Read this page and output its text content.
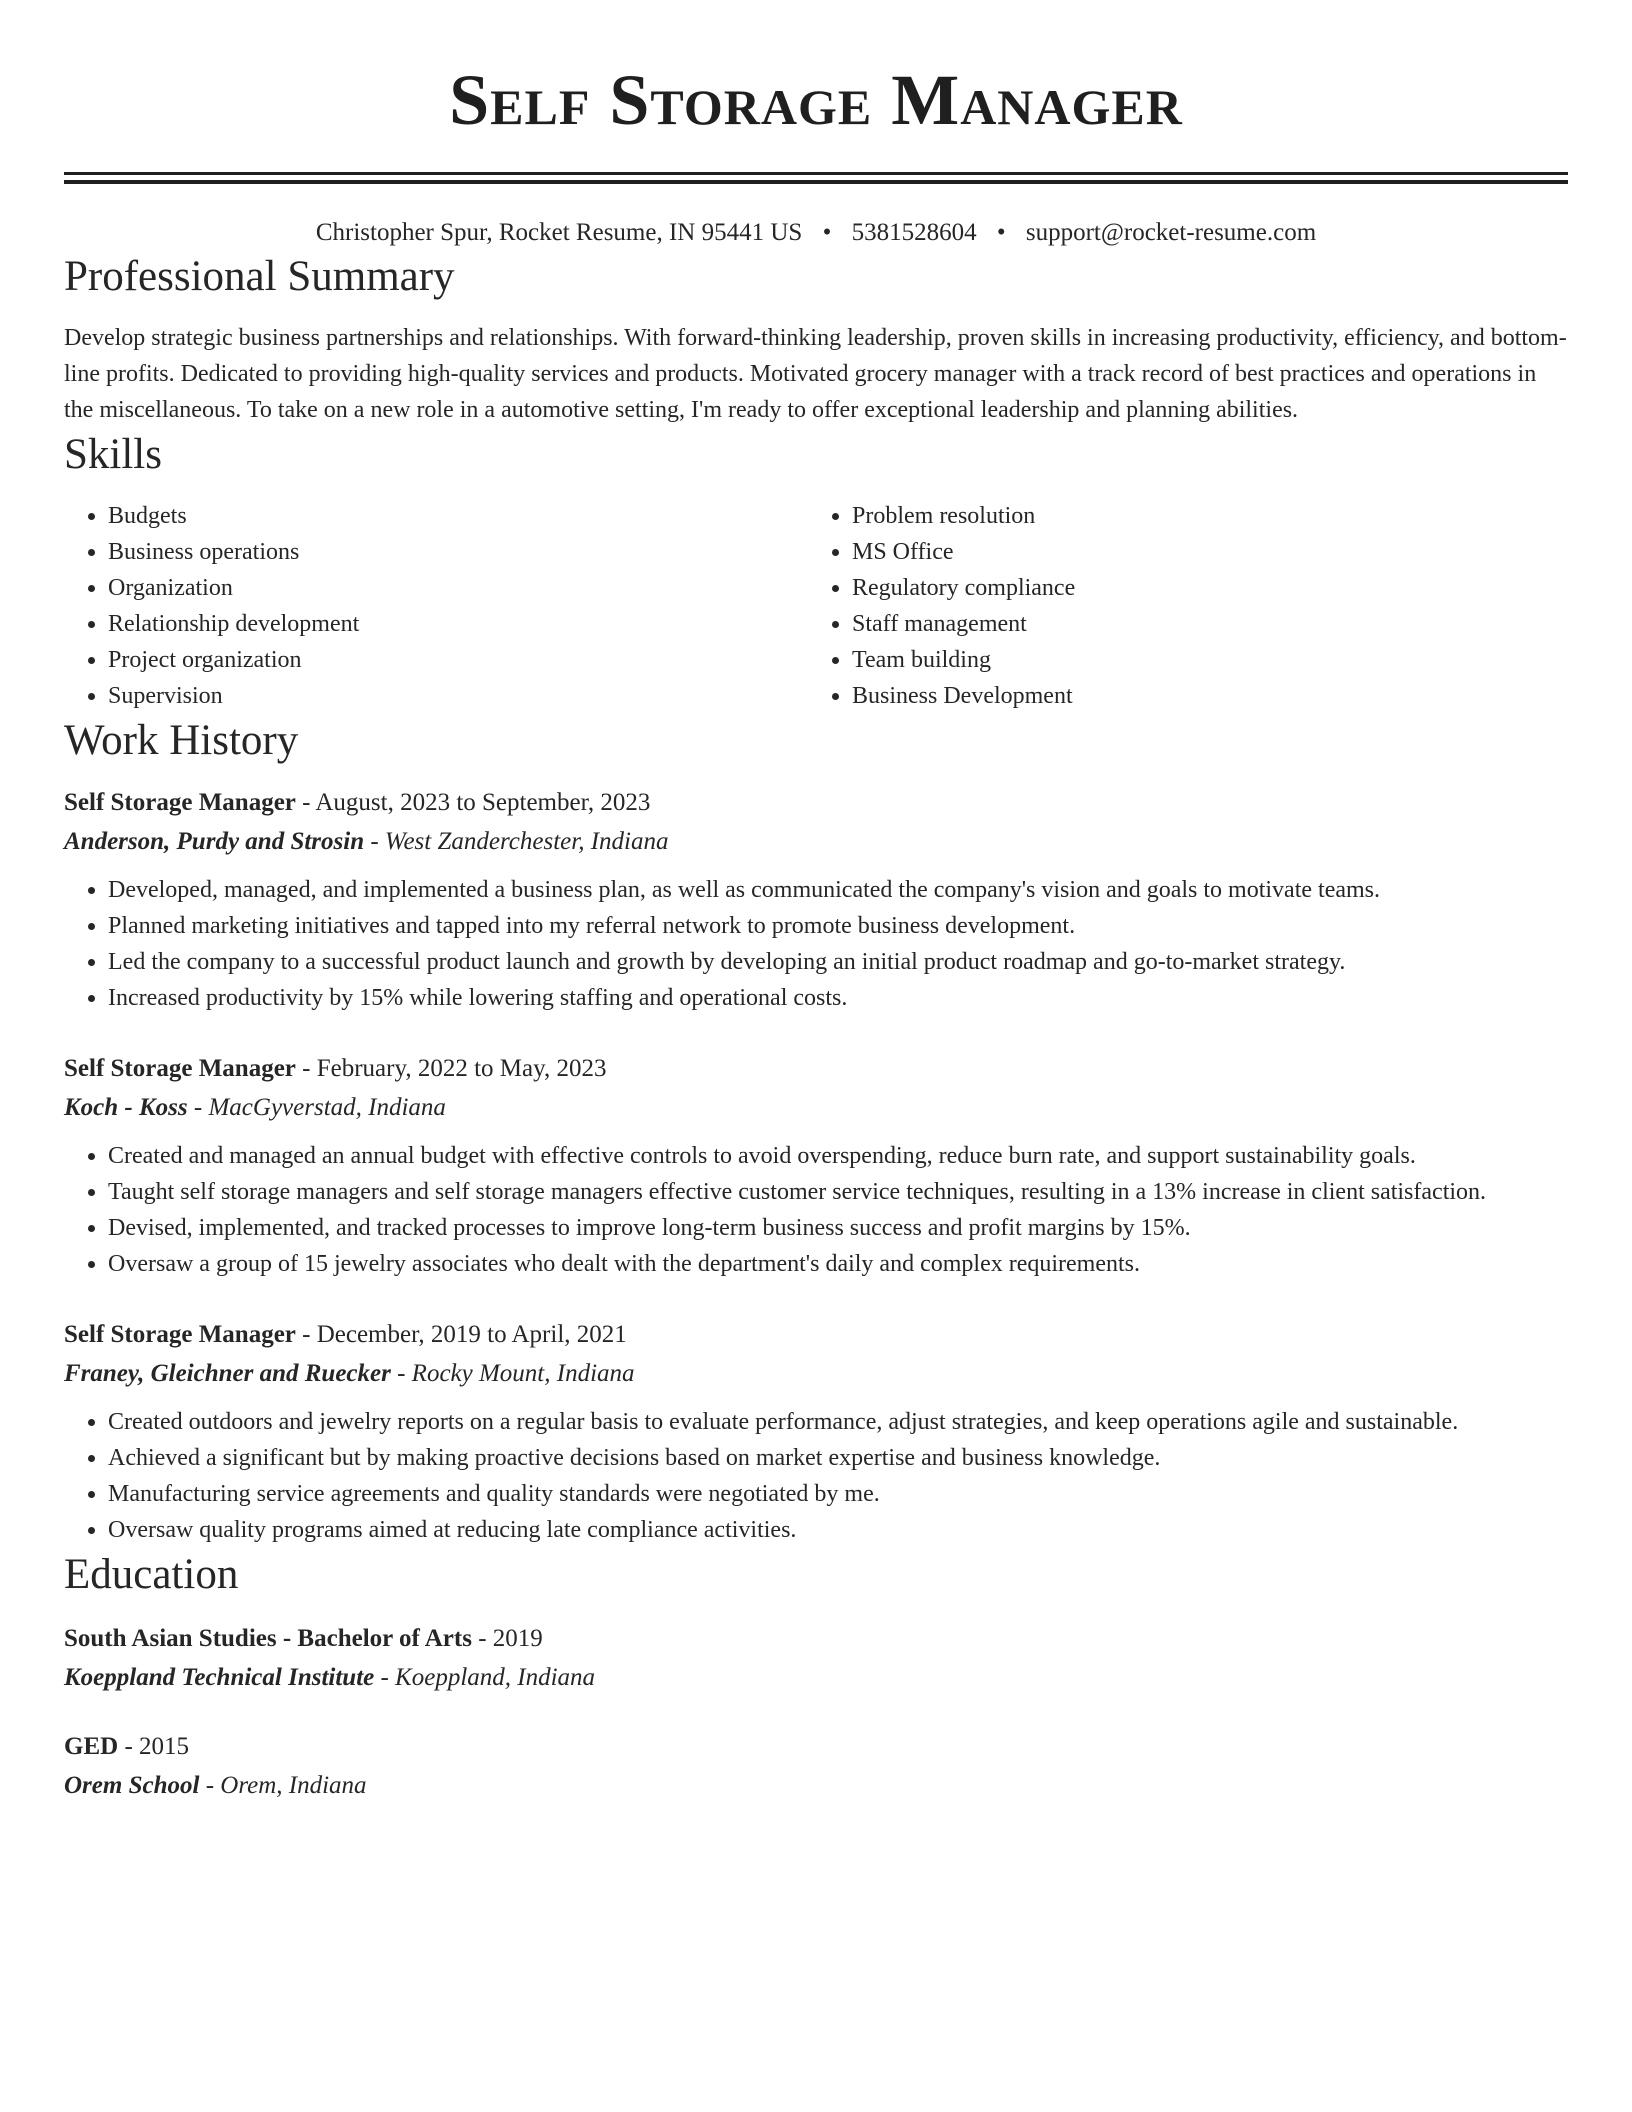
Self Storage Manager
Christopher Spur, Rocket Resume, IN 95441 US • 5381528604 • support@rocket-resume.com
Professional Summary

Develop strategic business partnerships and relationships. With forward-thinking leadership, proven skills in increasing productivity, efficiency, and bottom-line profits. Dedicated to providing high-quality services and products. Motivated grocery manager with a track record of best practices and operations in the miscellaneous. To take on a new role in a automotive setting, I'm ready to offer exceptional leadership and planning abilities.

Skills
• Budgets
• Business operations
• Organization
• Relationship development
• Project organization
• Supervision
• Problem resolution
• MS Office
• Regulatory compliance
• Staff management
• Team building
• Business Development
Work History
Self Storage Manager - August, 2023 to September, 2023
Anderson, Purdy and Strosin - West Zanderchester, Indiana
• Developed, managed, and implemented a business plan, as well as communicated the company's vision and goals to motivate teams.
• Planned marketing initiatives and tapped into my referral network to promote business development.
• Led the company to a successful product launch and growth by developing an initial product roadmap and go-to-market strategy.
• Increased productivity by 15% while lowering staffing and operational costs.
Self Storage Manager - February, 2022 to May, 2023
Koch - Koss - MacGyverstad, Indiana
• Created and managed an annual budget with effective controls to avoid overspending, reduce burn rate, and support sustainability goals.
• Taught self storage managers and self storage managers effective customer service techniques, resulting in a 13% increase in client satisfaction.
• Devised, implemented, and tracked processes to improve long-term business success and profit margins by 15%.
• Oversaw a group of 15 jewelry associates who dealt with the department's daily and complex requirements.
Self Storage Manager - December, 2019 to April, 2021
Franey, Gleichner and Ruecker - Rocky Mount, Indiana
• Created outdoors and jewelry reports on a regular basis to evaluate performance, adjust strategies, and keep operations agile and sustainable.
• Achieved a significant but by making proactive decisions based on market expertise and business knowledge.
• Manufacturing service agreements and quality standards were negotiated by me.
• Oversaw quality programs aimed at reducing late compliance activities.
Education
South Asian Studies - Bachelor of Arts - 2019
Koeppland Technical Institute - Koeppland, Indiana
GED - 2015
Orem School - Orem, Indiana
